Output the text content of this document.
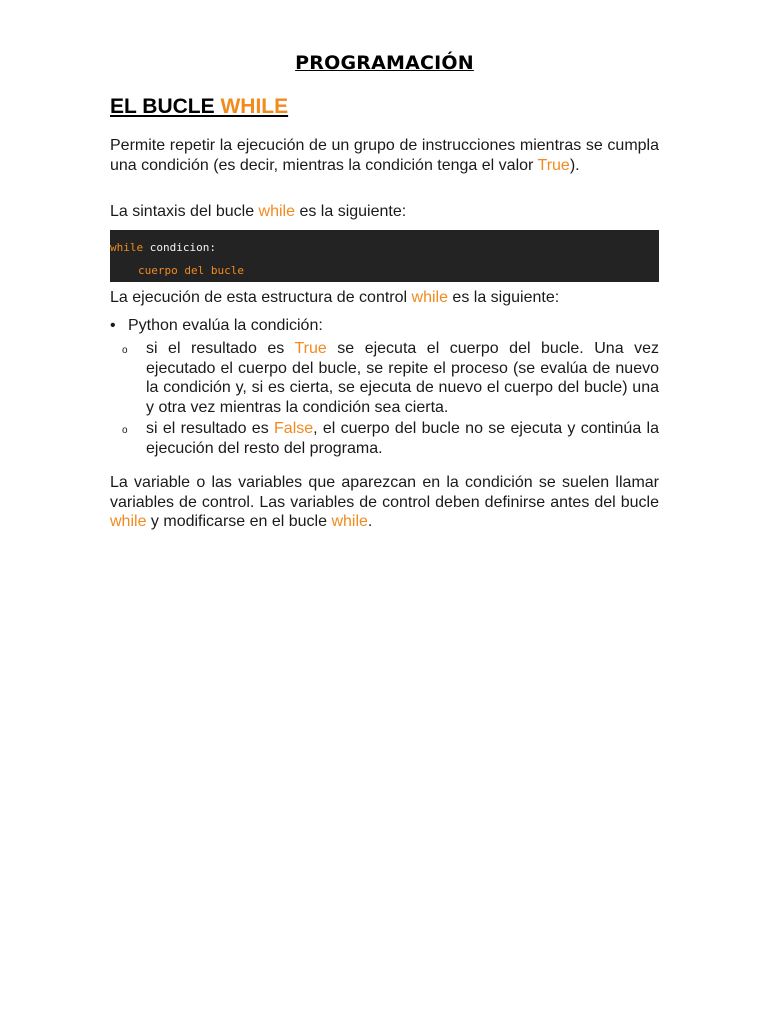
PROGRAMACIÓN
EL BUCLE WHILE

Permite repetir la ejecución de un grupo de instrucciones mientras se cumpla una condición (es decir, mientras la condición tenga el valor True).

La sintaxis del bucle while es la siguiente:

while condicion:
cuerpo del bucle

La ejecución de esta estructura de control while es la siguiente:

• Python evalúa la condición:
o si el resultado es True se ejecuta el cuerpo del bucle. Una vez ejecutado el cuerpo del bucle, se repite el proceso (se evalúa de nuevo la condición y, si es cierta, se ejecuta de nuevo el cuerpo del bucle) una y otra vez mientras la condición sea cierta.
o si el resultado es False, el cuerpo del bucle no se ejecuta y continúa la ejecución del resto del programa.

La variable o las variables que aparezcan en la condición se suelen llamar variables de control. Las variables de control deben definirse antes del bucle while y modificarse en el bucle while.
